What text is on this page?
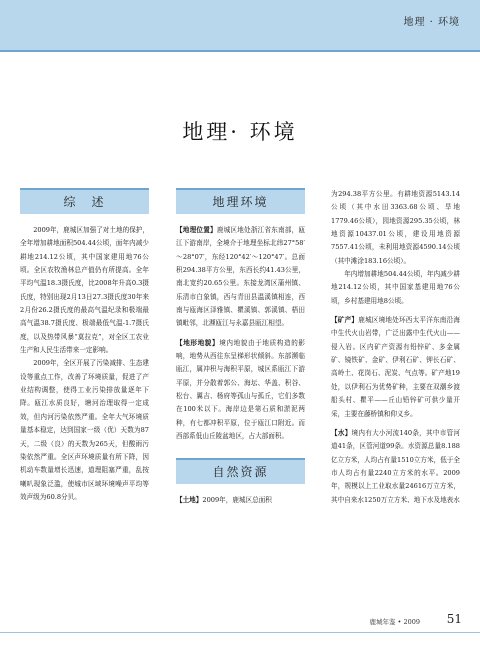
地理 · 环境
地理· 环境
综　述

2009年，鹿城区加强了对土地的保护，全年增加耕地面积504.44公顷，面年内减少耕地214.12公顷，其中国家建用地76公顷。全区农牧渔林总产值仍有所提高。全年平均气温18.3摄氏度，比2008年升高0.3摄氏度，特别出现2月13日27.3摄氏度30年来2月份26.2摄氏度的最高气温纪录和极端最高气温38.7摄氏度、极端最低气温-1.7摄氏度，以及热带风暴“莫拉克”，对全区工农业生产和人民生活带来一定影响。

2009年，全区开展了污染减排、生态建设等重点工作，改善了环境质量，促进了产业结构调整，使得工业污染排放量逐年下降。瓯江水质良好，塘河治理取得一定成效，但内河污染依然严重。全年大气环境质量基本稳定，达到国家一级（优）天数为87天，二级（良）的天数为265天，但酸雨污染依然严重。全区声环境质量有所下降，因机动车数量增长迅速，道理阻塞严重，乱按喇叭现象泛滥，使城市区域环境噪声平均等效声级为60.8分贝。

地理环境

【地理位置】鹿城区地处浙江省东南部，瓯江下游南岸，全境介于地理坐标北纬27°58′～28°07′，东经120°42′～120°47′。总面积294.38平方公里，东西长约41.43公里，南北宽约20.65公里。东接龙湾区蒲州镇、乐清市白象镇，西与青田县温溪镇相连，西南与瓯海区泽雅镇、瞿溪镇、郭溪镇、梧田镇毗邻，北濒瓯江与永嘉县瓯江相望。

【地形地貌】境内地貌由于地质构造的影响，地势从西往东呈梯形状倾斜。东部濒临瓯江，属冲积与海积平原，城区系瓯江下游平原，并分散着郭公、海坛、华盖、积谷、松台、翼吉、杨府等孤山与孤丘，它们多数在100米以下。海岸边是第石质和淤泥两种，有七都冲积平原，位于瓯江口附近。而西部系低山丘陵盆地区，占大部面积。

自然资源

【土地】2009年，鹿城区总面积

为294.38平方公里。有耕地资源5143.14公顷（其中水田3363.68公顷、旱地1779.46公顷），园地资源295.35公顷，林地资源10437.01公顷，建设用地资源7557.41公顷，未利用地资源4590.14公顷（其中滩涂183.16公顷）。

年内增加耕地504.44公顷，年内减少耕地214.12公顷，其中国家基建用地76公顷，乡村基建用地8公顷。

【矿产】鹿城区境地处环西太平洋东南沿海中生代火山岩带，广泛出露中生代火山——侵入岩。区内矿产资源有铅锌矿、多金属矿、镜铁矿、金矿、伊利石矿、钾长石矿、高岭土、花岗石、泥炭、气点等。矿产地19处，以伊利石为优势矿种，主要在双潮乡渡船头村、瞿平——丘山铅锌矿可供少量开采，主要在藤桥镇和仰义乡。

【水】境内有大小河流140条，其中市管河道41条，区管河道99条。水资源总量8.188亿立方米，人均占有量1510立方米，低于全市人均占有量2240立方米的水平。2009年，规模以上工业取水量24616万立方米，其中自来水1250万立方米、地下水及地表水

鹿城年鉴 • 2009 51
